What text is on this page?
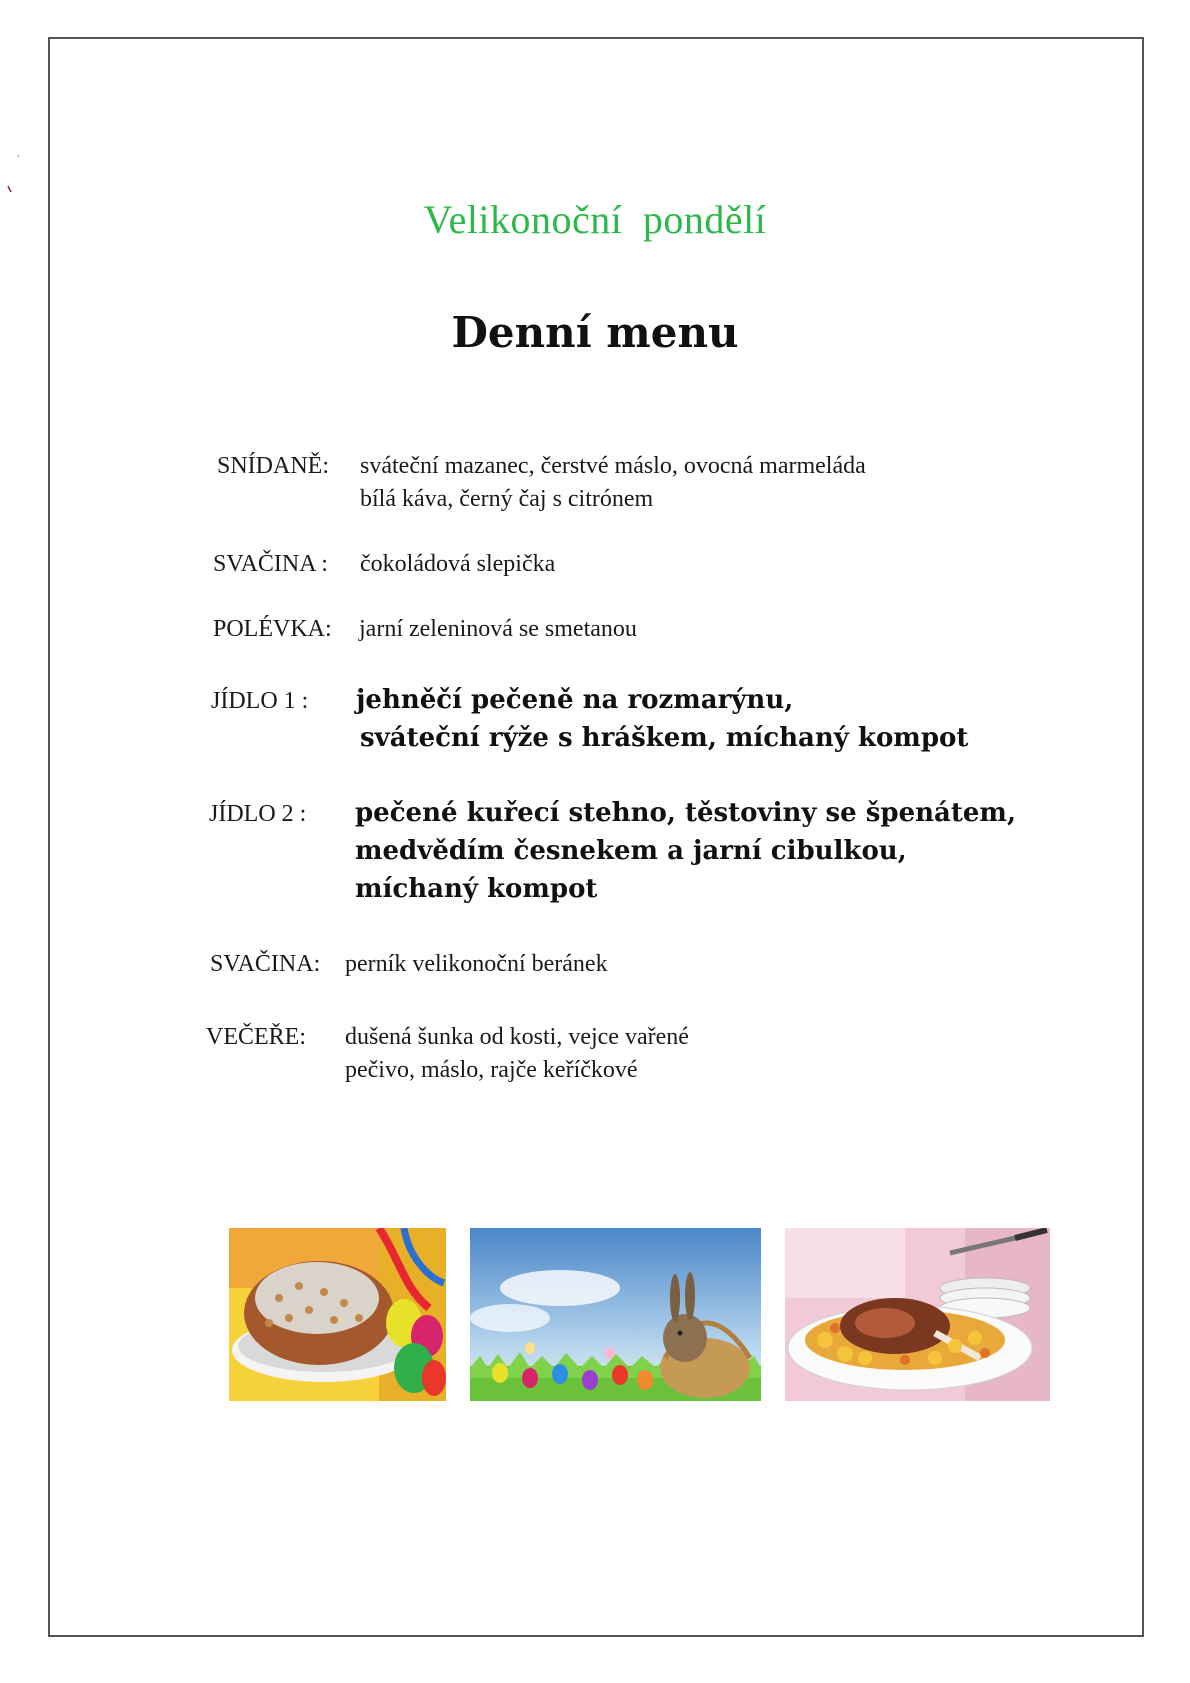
Velikonoční pondělí
Denní menu
SNÍDANĚ: sváteční mazanec, čerstvé máslo, ovocná marmeláda
bílá káva, černý čaj s citrónem
SVAČINA : čokoládová slepička
POLÉVKA: jarní zeleninová se smetanou
JÍDLO 1 : jehněčí pečeně na rozmarýnu,
sváteční rýže s hráškem, míchaný kompot
JÍDLO 2 : pečené kuřecí stehno, těstoviny se špenátem,
medvědím česnekem a jarní cibulkou,
míchaný kompot
SVAČINA: perník velikonoční beránek
VEČEŘE: dušená šunka od kosti, vejce vařené
pečivo, máslo, rajče keříčkové
